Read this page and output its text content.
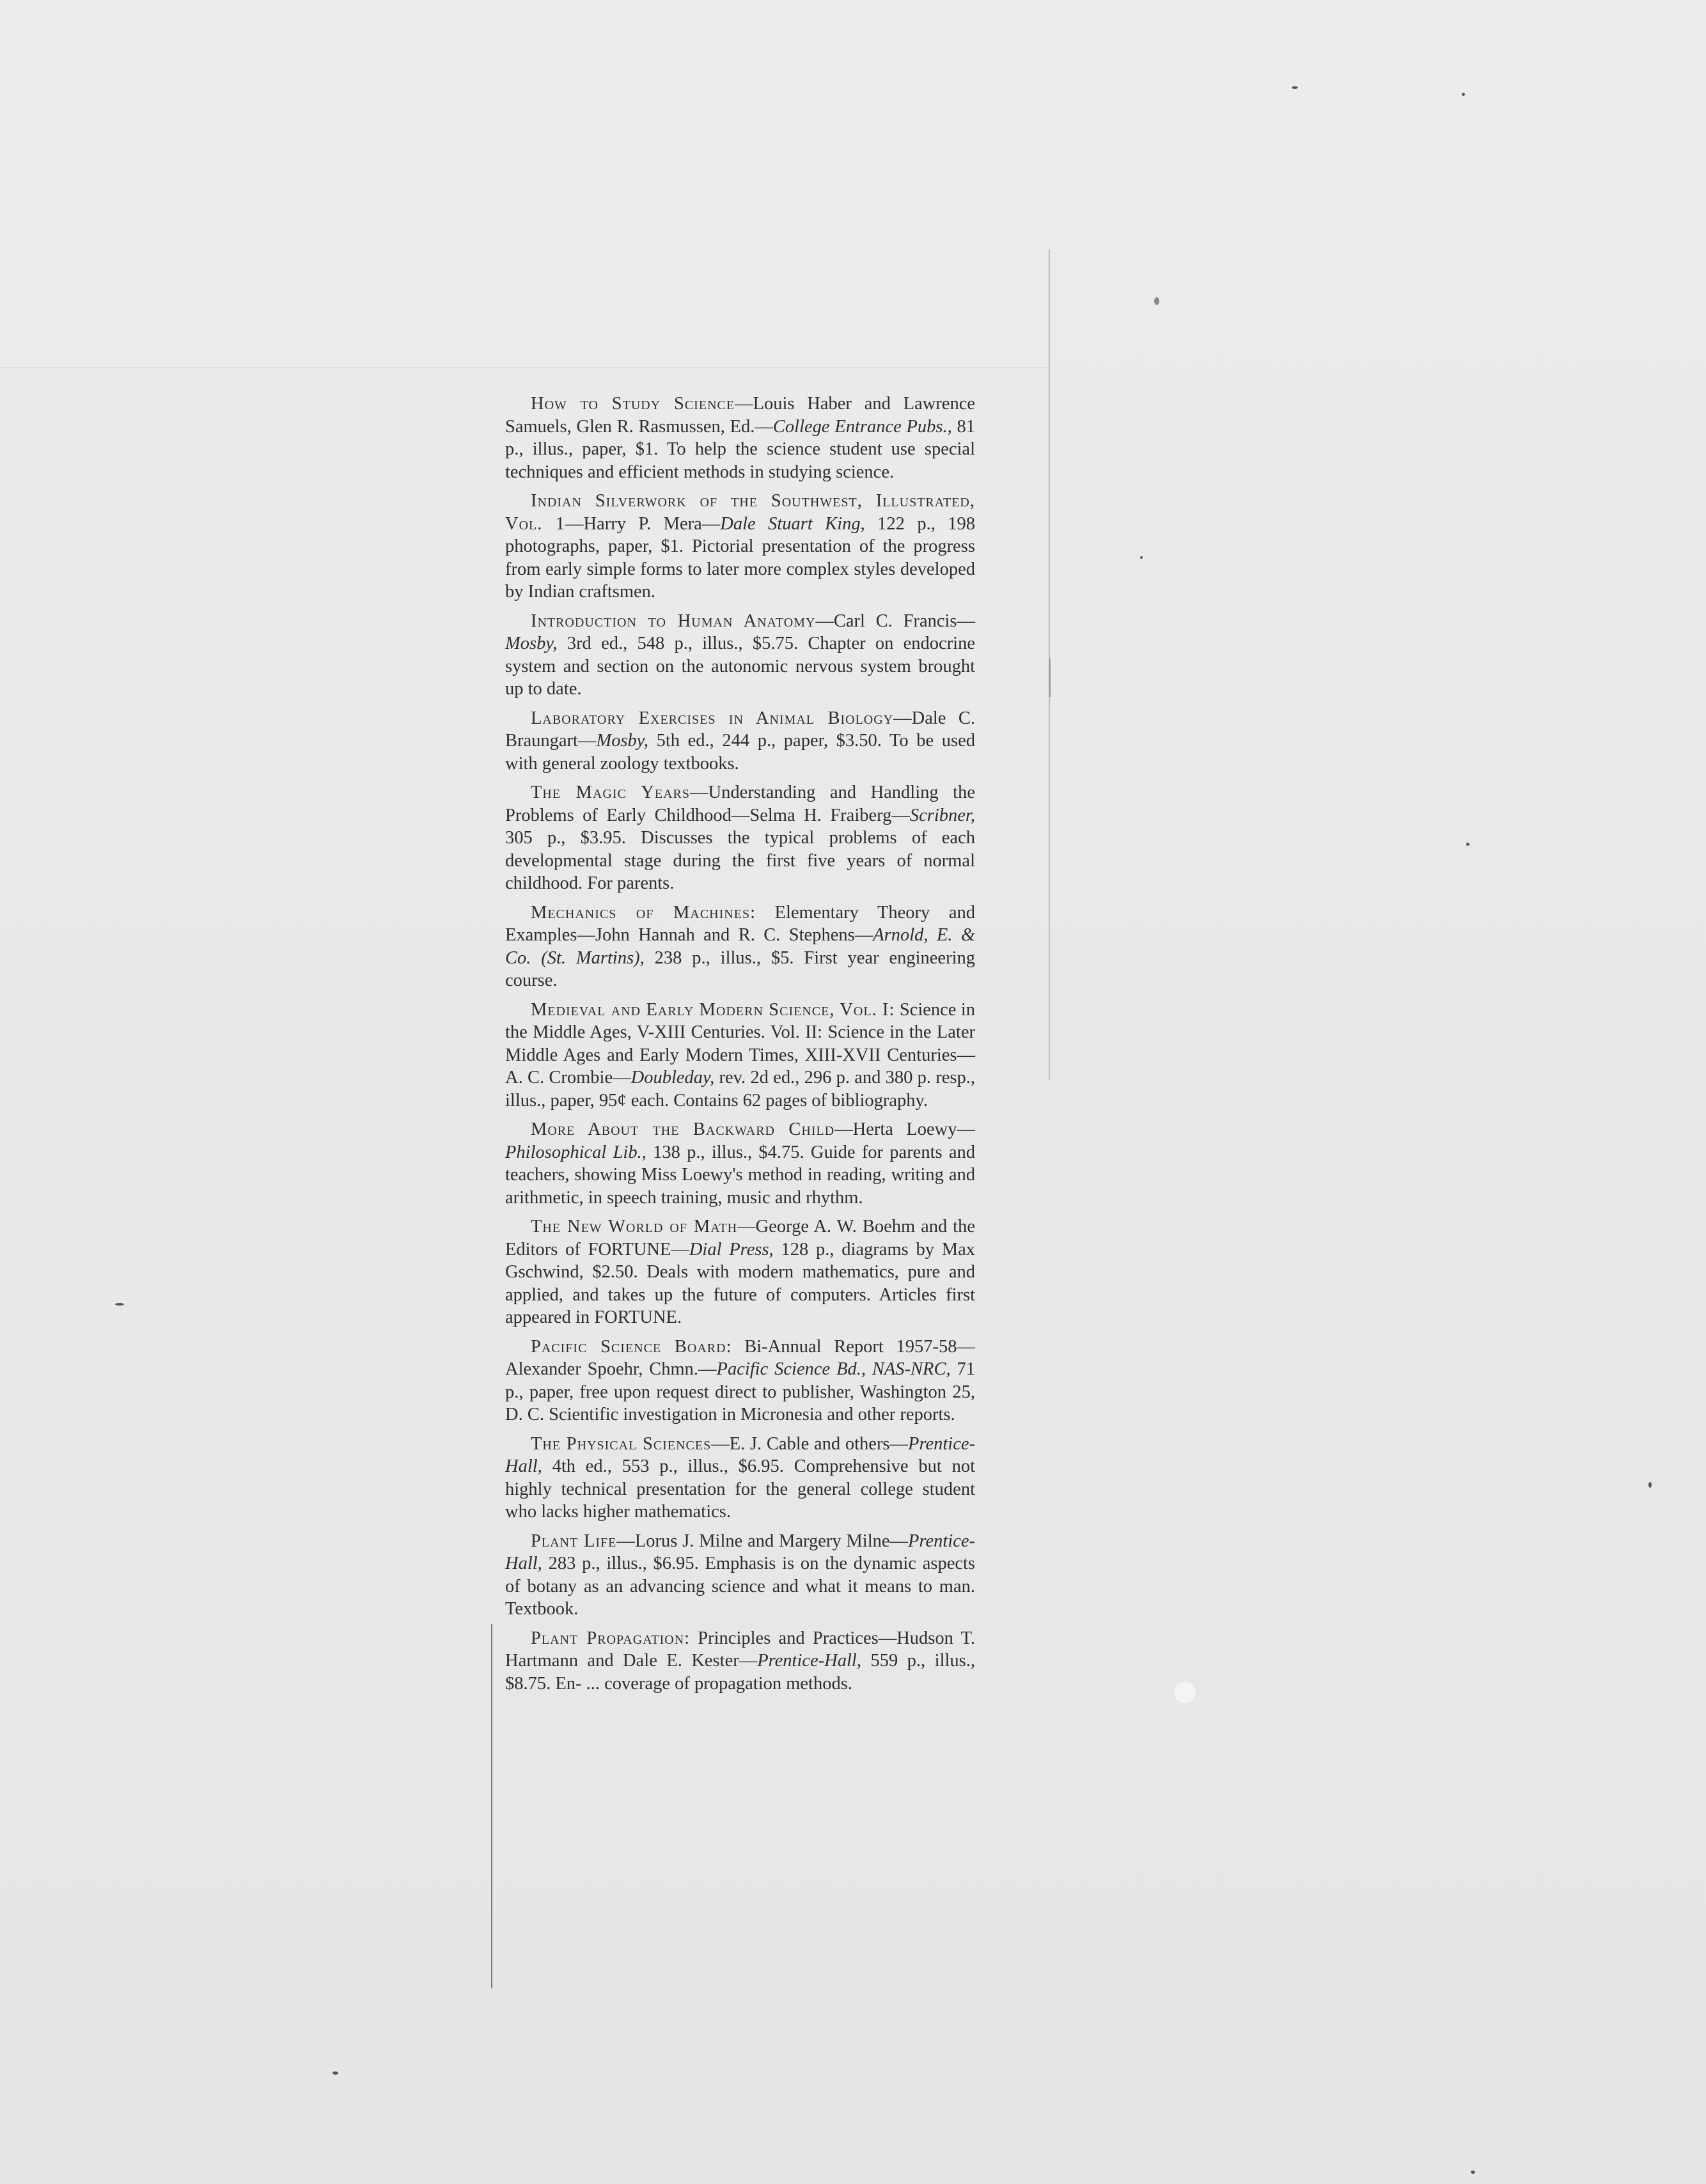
How to Study Science—Louis Haber and Lawrence Samuels, Glen R. Rasmussen, Ed.—College Entrance Pubs., 81 p., illus., paper, $1. To help the science student use special techniques and efficient methods in studying science.

Indian Silverwork of the Southwest, Illustrated, Vol. 1—Harry P. Mera—Dale Stuart King, 122 p., 198 photographs, paper, $1. Pictorial presentation of the progress from early simple forms to later more complex styles developed by Indian craftsmen.

Introduction to Human Anatomy—Carl C. Francis—Mosby, 3rd ed., 548 p., illus., $5.75. Chapter on endocrine system and section on the autonomic nervous system brought up to date.

Laboratory Exercises in Animal Biology—Dale C. Braungart—Mosby, 5th ed., 244 p., paper, $3.50. To be used with general zoology textbooks.

The Magic Years—Understanding and Handling the Problems of Early Childhood—Selma H. Fraiberg—Scribner, 305 p., $3.95. Discusses the typical problems of each developmental stage during the first five years of normal childhood. For parents.

Mechanics of Machines: Elementary Theory and Examples—John Hannah and R. C. Stephens—Arnold, E. & Co. (St. Martins), 238 p., illus., $5. First year engineering course.

Medieval and Early Modern Science, Vol. I: Science in the Middle Ages, V-XIII Centuries. Vol. II: Science in the Later Middle Ages and Early Modern Times, XIII-XVII Centuries—A. C. Crombie—Doubleday, rev. 2d ed., 296 p. and 380 p. resp., illus., paper, 95¢ each. Contains 62 pages of bibliography.

More About the Backward Child—Herta Loewy—Philosophical Lib., 138 p., illus., $4.75. Guide for parents and teachers, showing Miss Loewy's method in reading, writing and arithmetic, in speech training, music and rhythm.

The New World of Math—George A. W. Boehm and the Editors of FORTUNE—Dial Press, 128 p., diagrams by Max Gschwind, $2.50. Deals with modern mathematics, pure and applied, and takes up the future of computers. Articles first appeared in FORTUNE.

Pacific Science Board: Bi-Annual Report 1957-58—Alexander Spoehr, Chmn.—Pacific Science Bd., NAS-NRC, 71 p., paper, free upon request direct to publisher, Washington 25, D. C. Scientific investigation in Micronesia and other reports.

The Physical Sciences—E. J. Cable and others—Prentice-Hall, 4th ed., 553 p., illus., $6.95. Comprehensive but not highly technical presentation for the general college student who lacks higher mathematics.

Plant Life—Lorus J. Milne and Margery Milne—Prentice-Hall, 283 p., illus., $6.95. Emphasis is on the dynamic aspects of botany as an advancing science and what it means to man. Textbook.

Plant Propagation: Principles and Practices—Hudson T. Hartmann and Dale E. Kester—Prentice-Hall, 559 p., illus., $8.75. En- ... coverage of propagation methods.
